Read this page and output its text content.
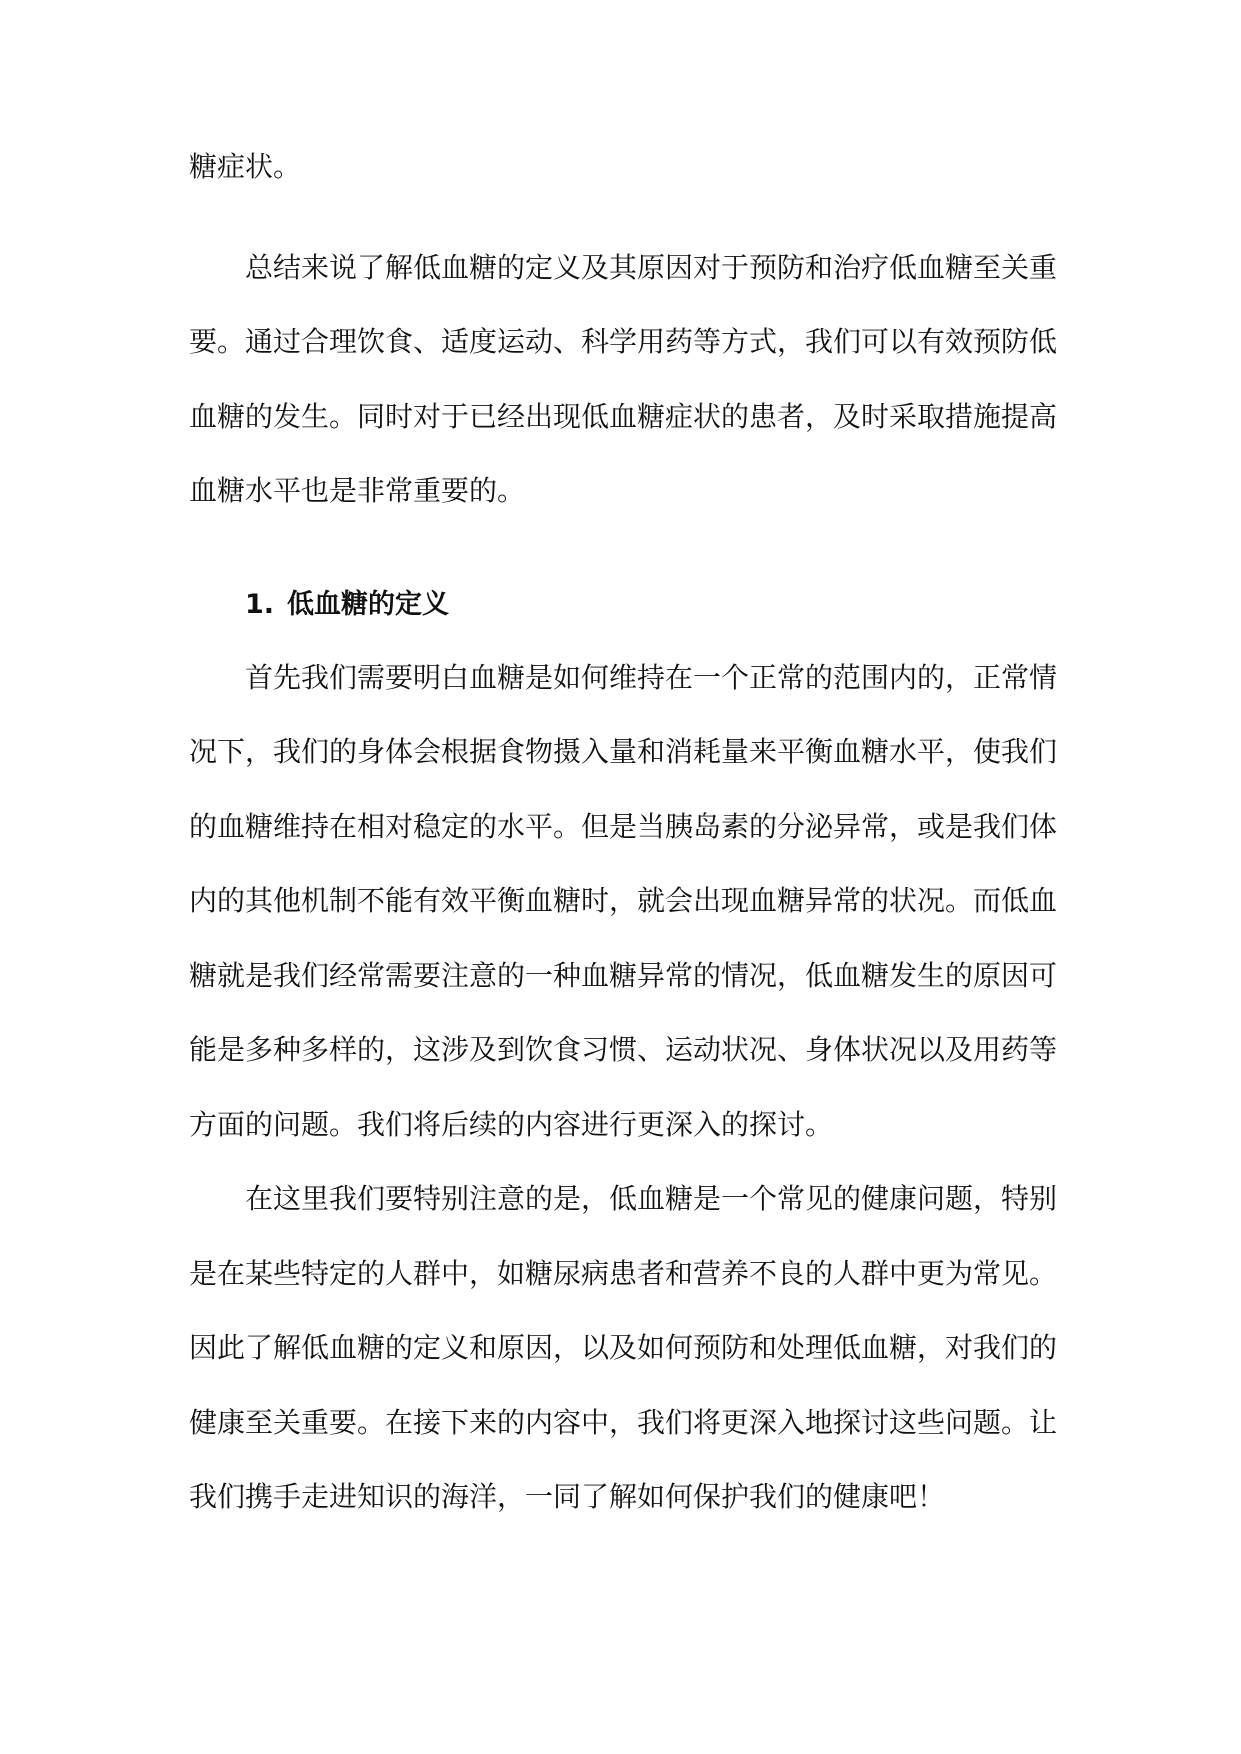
糖症状。

总结来说了解低血糖的定义及其原因对于预防和治疗低血糖至关重要。通过合理饮食、适度运动、科学用药等方式，我们可以有效预防低血糖的发生。同时对于已经出现低血糖症状的患者，及时采取措施提高血糖水平也是非常重要的。

1. 低血糖的定义

首先我们需要明白血糖是如何维持在一个正常的范围内的，正常情况下，我们的身体会根据食物摄入量和消耗量来平衡血糖水平，使我们的血糖维持在相对稳定的水平。但是当胰岛素的分泌异常，或是我们体内的其他机制不能有效平衡血糖时，就会出现血糖异常的状况。而低血糖就是我们经常需要注意的一种血糖异常的情况，低血糖发生的原因可能是多种多样的，这涉及到饮食习惯、运动状况、身体状况以及用药等方面的问题。我们将后续的内容进行更深入的探讨。

在这里我们要特别注意的是，低血糖是一个常见的健康问题，特别是在某些特定的人群中，如糖尿病患者和营养不良的人群中更为常见。因此了解低血糖的定义和原因，以及如何预防和处理低血糖，对我们的健康至关重要。在接下来的内容中，我们将更深入地探讨这些问题。让我们携手走进知识的海洋，一同了解如何保护我们的健康吧！
